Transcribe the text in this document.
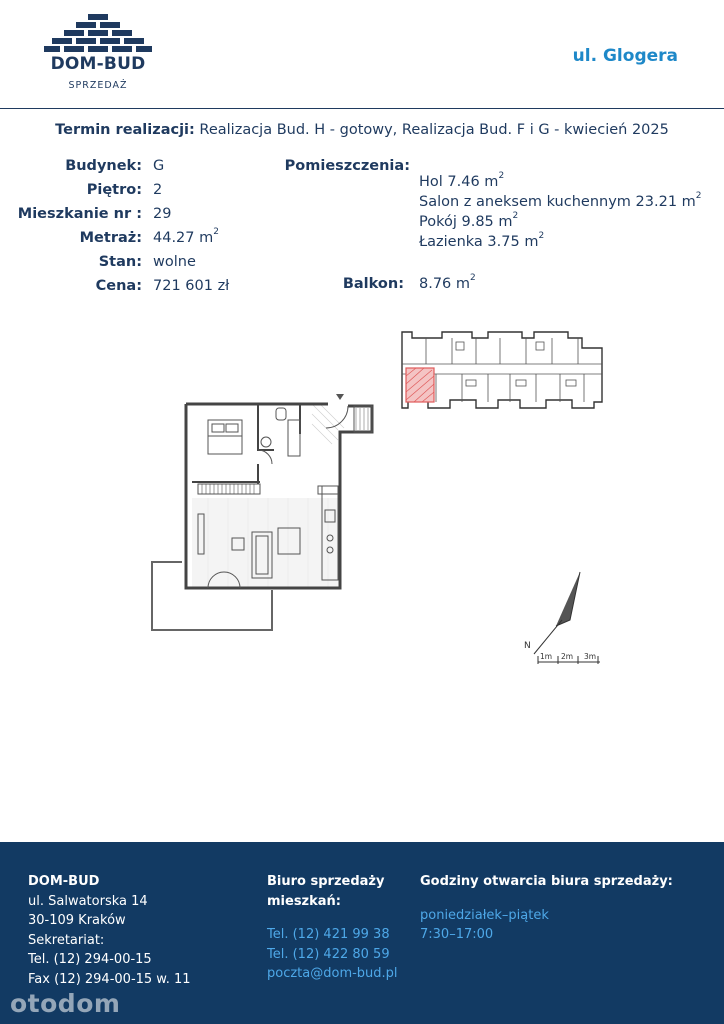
DOM-BUD
SPRZEDAŻ
ul. Glogera
Termin realizacji: Realizacja Bud. H - gotowy, Realizacja Bud. F i G - kwiecień 2025
Budynek: G
Piętro: 2
Mieszkanie nr : 29
Metraż: 44.27 $m^2$
Stan: wolne
Cena: 721 601 zł
Pomieszczenia:
Hol 7.46 $m^2$
Salon z aneksem kuchennym 23.21 $m^2$
Pokój 9.85 $m^2$
Łazienka 3.75 $m^2$
Balkon: 8.76 $m^2$
N
1m 2m 3m
DOM-BUD
ul. Salwatorska 14
30-109 Kraków
Sekretariat:
Tel. (12) 294-00-15
Fax (12) 294-00-15 w. 11
Biuro sprzedaży
mieszkań:
Tel. (12) 421 99 38
Tel. (12) 422 80 59
poczta@dom-bud.pl
Godziny otwarcia biura sprzedaży:
poniedziałek–piątek
7:30–17:00
otodom
